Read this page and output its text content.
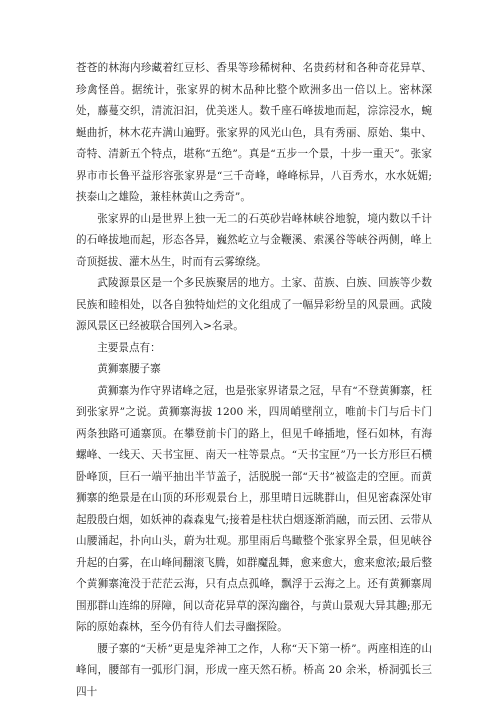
苍苍的林海内珍藏着红豆杉、香果等珍稀树种、名贵药材和各种奇花异草、珍禽怪兽。据统计，张家界的树木品种比整个欧洲多出一倍以上。密林深处，藤蔓交织，清流汩汩，优美迷人。数千座石峰拔地而起，淙淙浸水，蜿蜒曲折，林木花卉满山遍野。张家界的风光山色，具有秀丽、原始、集中、奇特、清新五个特点，堪称“五绝”。真是“五步一个景，十步一重天”。张家界市市长鲁平益形容张家界是“三千奇峰，峰峰标异，八百秀水，水水妩媚;挟泰山之雄险，兼桂林黄山之秀奇”。

张家界的山是世界上独一无二的石英砂岩峰林峡谷地貌，境内数以千计的石峰拔地而起，形态各异，巍然屹立与金鞭溪、索溪谷等峡谷两侧，峰上奇顶挺拔、灌木丛生，时而有云雾缭绕。

武陵源景区是一个多民族聚居的地方。土家、苗族、白族、回族等少数民族和睦相处，以各自独特灿烂的文化组成了一幅异彩纷呈的风景画。武陵源风景区已经被联合国列入>名录。

主要景点有：

黄狮寨腰子寨

黄狮寨为作守界诸峰之冠，也是张家界诸景之冠，早有“不登黄狮寨，枉到张家界”之说。黄狮寨海拔 1200 米，四周峭壁削立，唯前卡门与后卡门两条独路可通寨顶。在攀登前卡门的路上，但见千峰插地，怪石如林，有海螺峰、一线天、天书宝匣、南天一柱等景点。“天书宝匣”乃一长方形巨石横卧峰顶，巨石一端平抽出半节盖子，活脱脱一部“天书”被盗走的空匣。而黄狮寨的绝景是在山顶的环形观景台上，那里晴日远眺群山，但见密森深处审起殷殷白烟，如妖神的森森鬼气;接着是柱状白烟逐渐消融，而云团、云带从山腰涌起，扑向山头，蔚为壮观。那里雨后鸟瞰整个张家界全景，但见峡谷升起的白雾，在山峰间翻滚飞腾，如群魔乱舞，愈来愈大，愈来愈浓;最后整个黄狮寨淹没于茫茫云海，只有点点孤峰，飘浮于云海之上。还有黄狮寨周围那群山连绵的屏障，间以奇花异草的深沟幽谷，与黄山景观大异其趣;那无际的原始森林，至今仍有待人们去寻幽探险。

腰子寨的“天桥”更是鬼斧神工之作，人称“天下第一桥”。两座相连的山峰间，腰部有一弧形门洞，形成一座天然石桥。桥高 20 余米，桥洞弧长三四十
